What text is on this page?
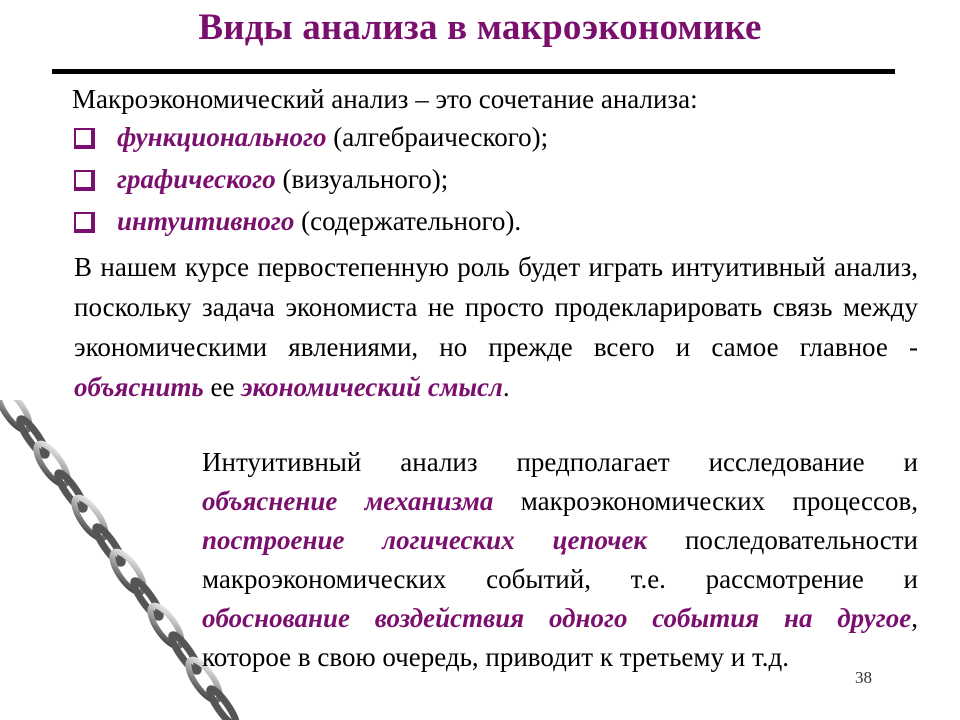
Виды анализа в макроэкономике
Макроэкономический анализ – это сочетание анализа:
функционального (алгебраического);
графического (визуального);
интуитивного (содержательного).
В нашем курсе первостепенную роль будет играть интуитивный анализ, поскольку задача экономиста не просто продекларировать связь между экономическими явлениями, но прежде всего и самое главное - объяснить ее экономический смысл.
Интуитивный анализ предполагает исследование и объяснение механизма макроэкономических процессов, построение логических цепочек последовательности макроэкономических событий, т.е. рассмотрение и обоснование воздействия одного события на другое, которое в свою очередь, приводит к третьему и т.д.
38
